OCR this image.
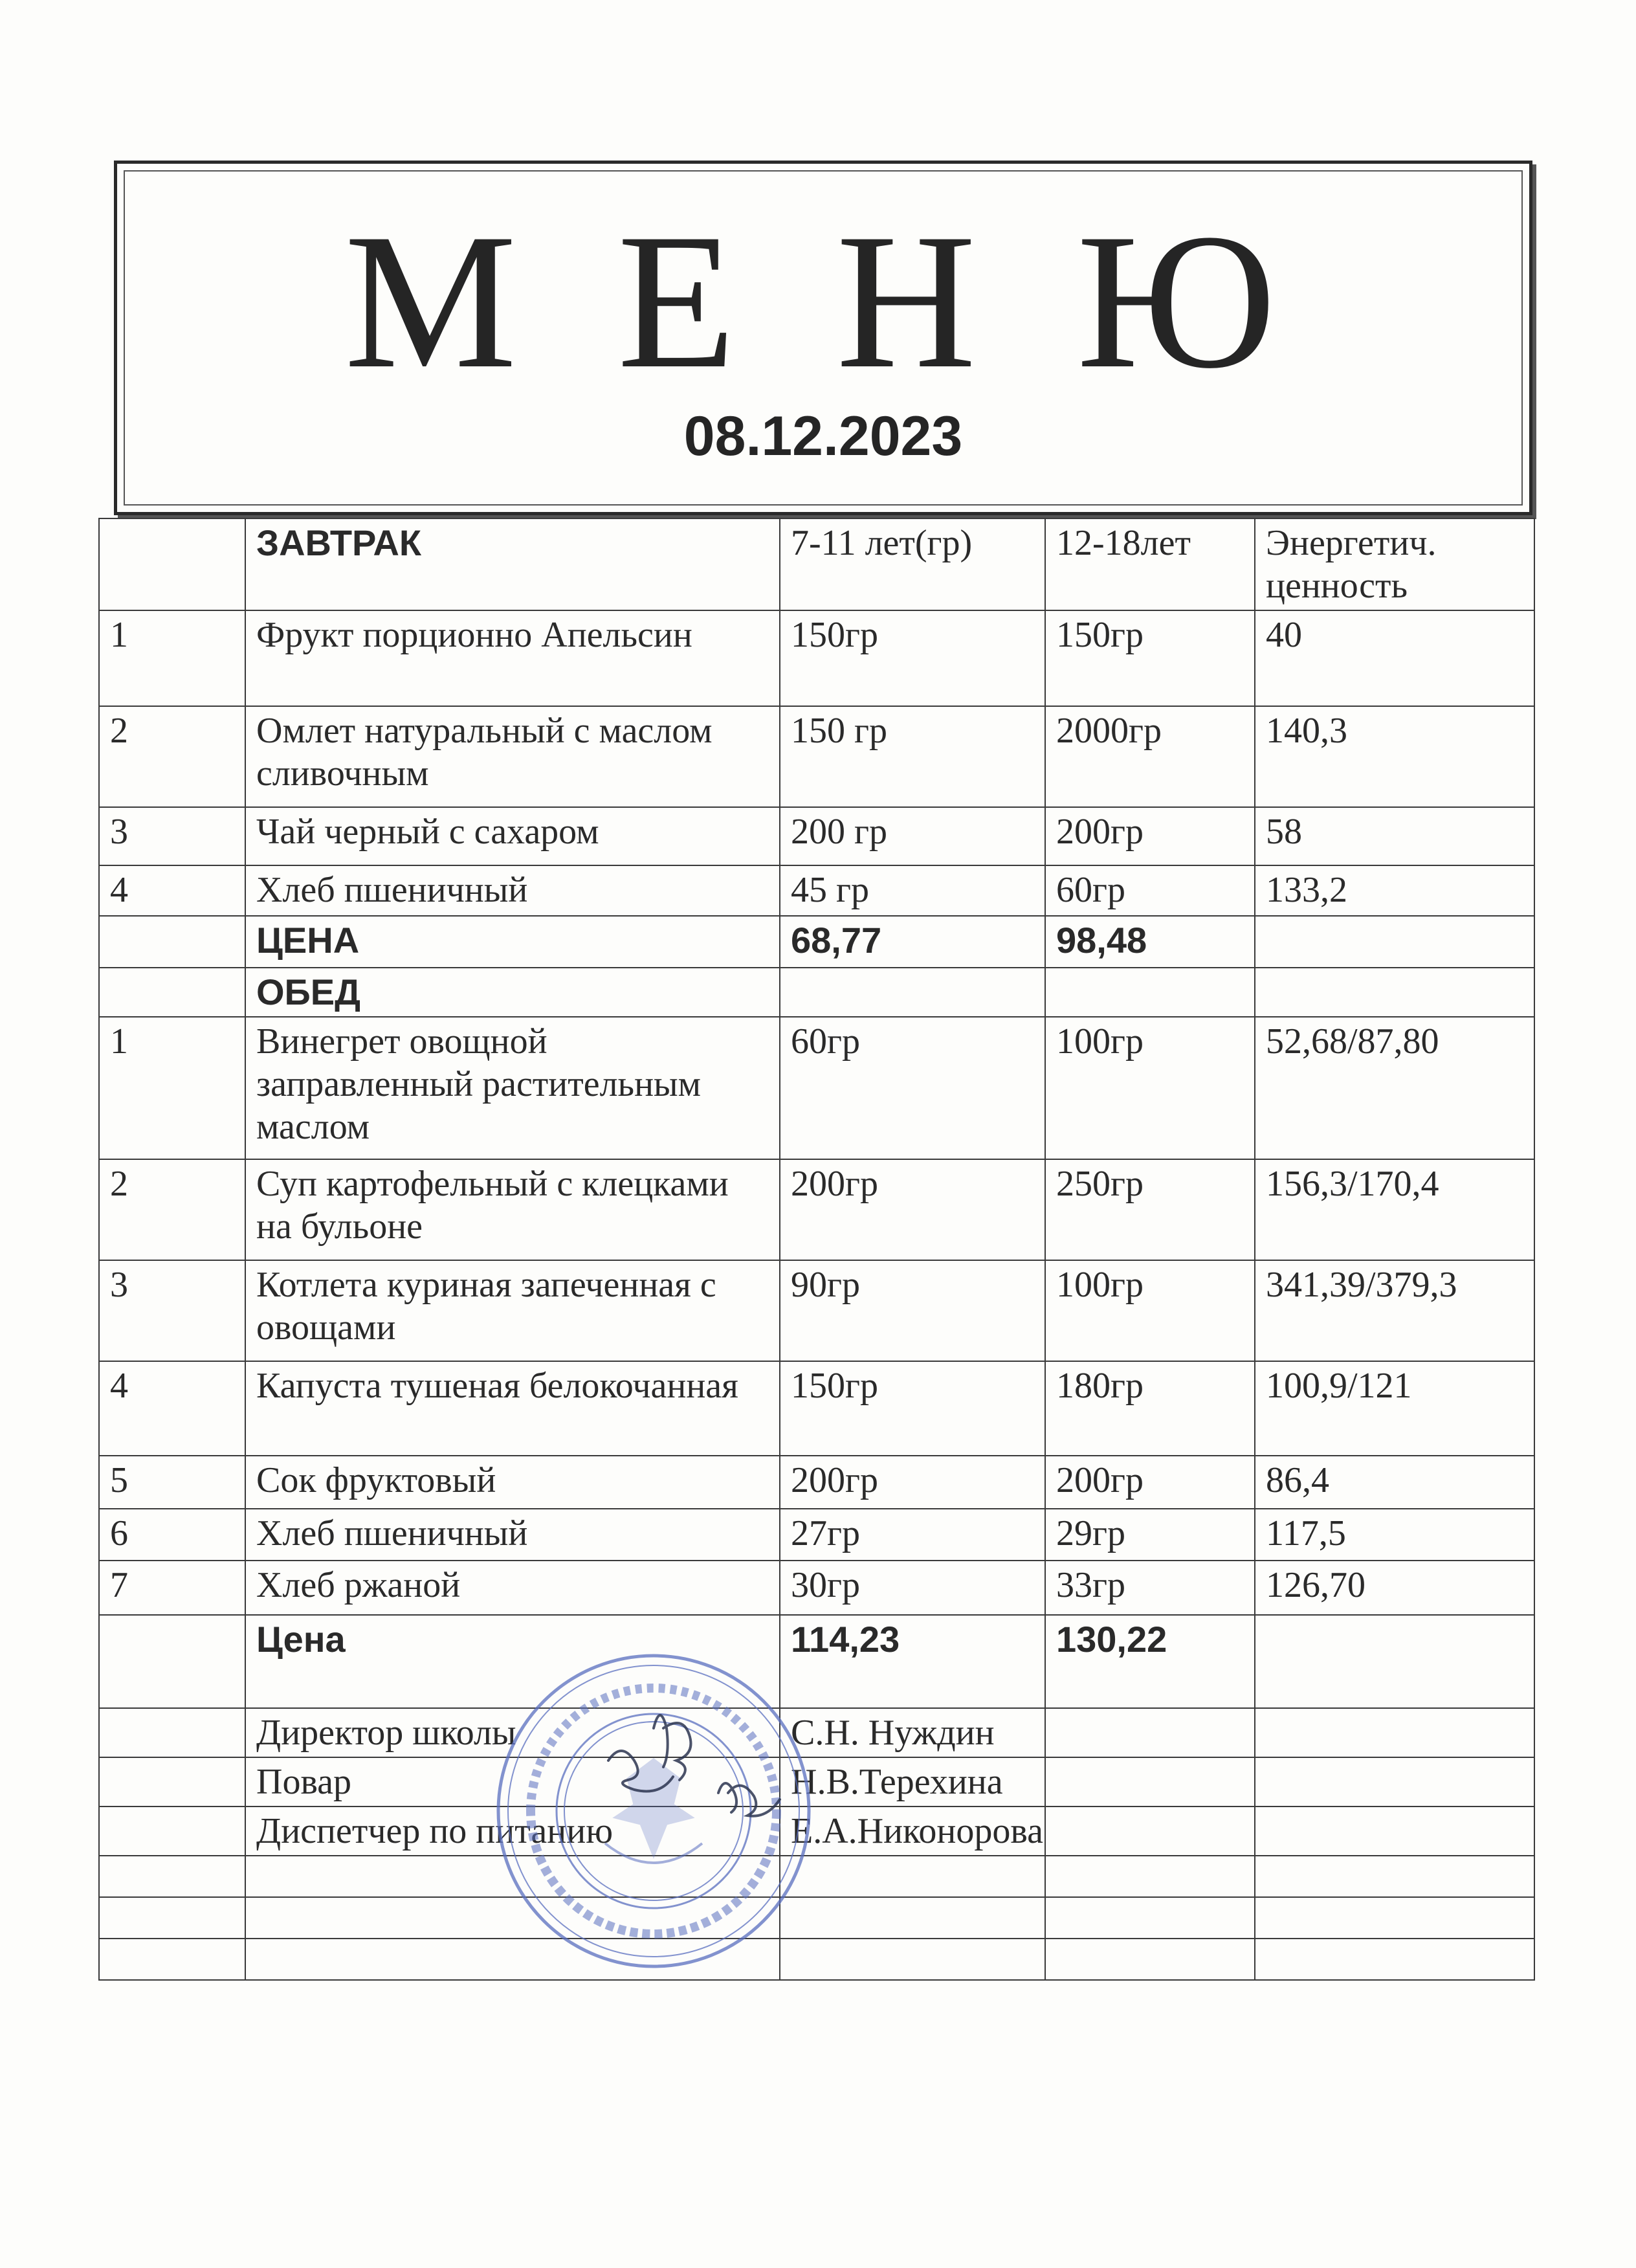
М Е Н Ю
08.12.2023
	ЗАВТРАК	7-11 лет(гр)	12-18лет	Энергетич.
ценность

1	Фрукт порционно Апельсин	150гр	150гр	40
2	Омлет натуральный с маслом сливочным	150 гр	2000гр	140,3
3	Чай черный с сахаром	200 гр	200гр	58
4	Хлеб пшеничный	45 гр	60гр	133,2
	ЦЕНА	68,77	98,48	
	ОБЕД			
1	Винегрет овощной заправленный растительным маслом	60гр	100гр	52,68/87,80
2	Суп картофельный с клецками на бульоне	200гр	250гр	156,3/170,4
3	Котлета куриная запеченная с овощами	90гр	100гр	341,39/379,3
4	Капуста тушеная белокочанная	150гр	180гр	100,9/121
5	Сок фруктовый	200гр	200гр	86,4
6	Хлеб пшеничный	27гр	29гр	117,5
7	Хлеб ржаной	30гр	33гр	126,70
	Цена	114,23	130,22	
	Директор школы	С.Н. Нуждин		
	Повар	Н.В.Терехина		
	Диспетчер по питанию	Е.А.Никонорова		
